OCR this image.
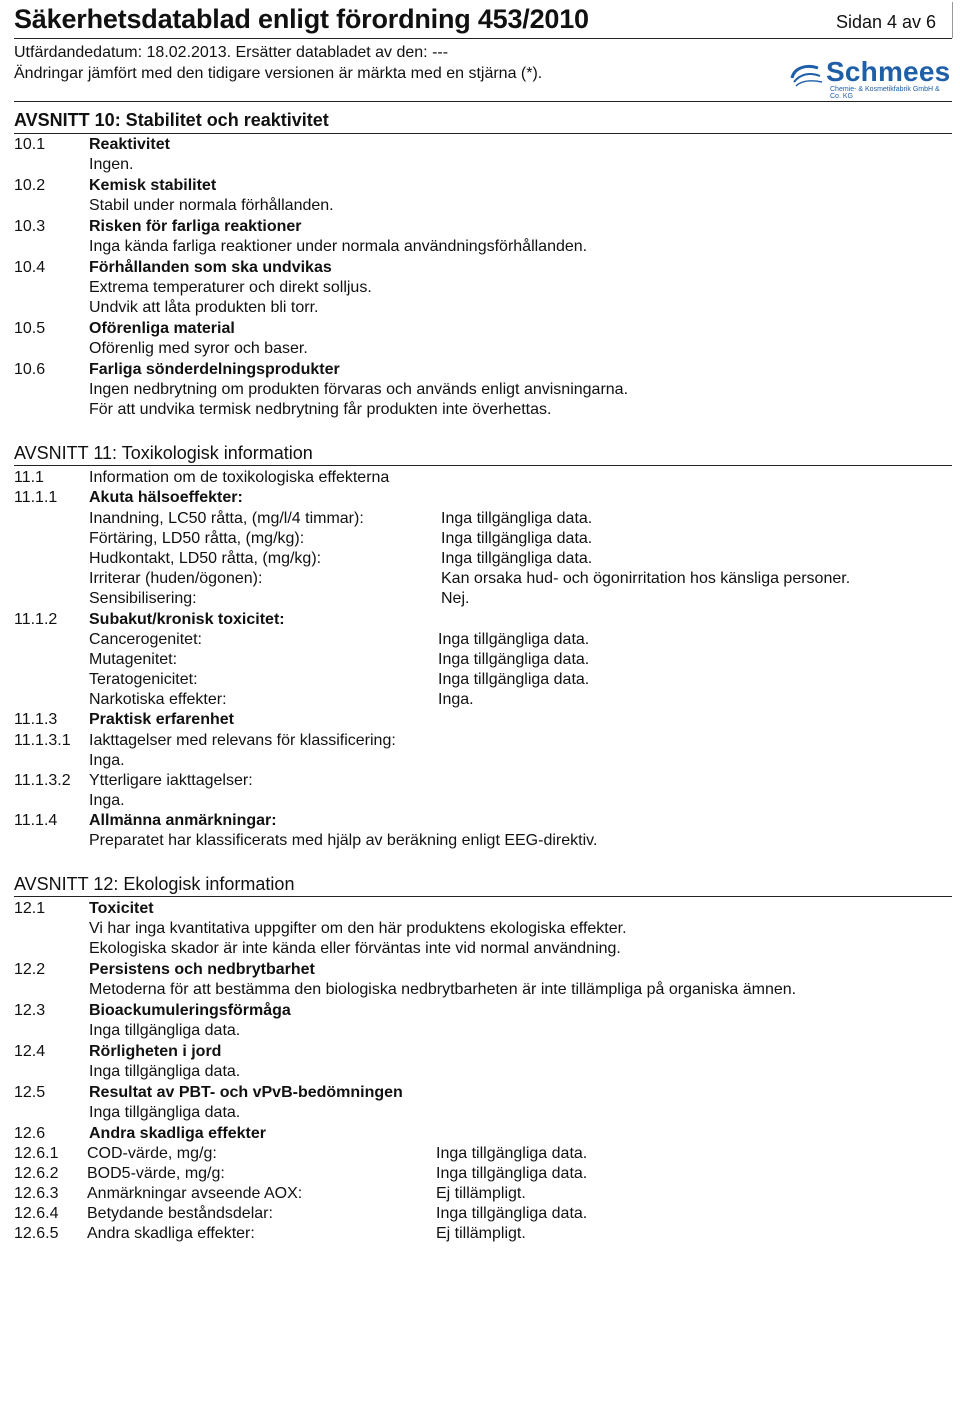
Säkerhetsdatablad enligt förordning 453/2010	Sidan 4 av 6
Utfärdandedatum: 18.02.2013. Ersätter databladet av den: ---
Ändringar jämfört med den tidigare versionen är märkta med en stjärna (*).	Schmees
Chemie- & Kosmetikfabrik GmbH & Co. KG
AVSNITT 10: Stabilitet och reaktivitet
10.1	Reaktivitet
Ingen.
10.2	Kemisk stabilitet
Stabil under normala förhållanden.
10.3	Risken för farliga reaktioner
Inga kända farliga reaktioner under normala användningsförhållanden.
10.4	Förhållanden som ska undvikas
Extrema temperaturer och direkt solljus.
Undvik att låta produkten bli torr.
10.5	Oförenliga material
Oförenlig med syror och baser.
10.6	Farliga sönderdelningsprodukter
Ingen nedbrytning om produkten förvaras och används enligt anvisningarna.
För att undvika termisk nedbrytning får produkten inte överhettas.
AVSNITT 11: Toxikologisk information
11.1	Information om de toxikologiska effekterna
11.1.1 Akuta hälsoeffekter:
Inandning, LC50 råtta, (mg/l/4 timmar):	Inga tillgängliga data.
Förtäring, LD50 råtta, (mg/kg):	Inga tillgängliga data.
Hudkontakt, LD50 råtta, (mg/kg):	Inga tillgängliga data.
Irriterar (huden/ögonen):	Kan orsaka hud- och ögonirritation hos känsliga personer.
Sensibilisering:	Nej.
11.1.2 Subakut/kronisk toxicitet:
Cancerogenitet:	Inga tillgängliga data.
Mutagenitet:	Inga tillgängliga data.
Teratogenicitet:	Inga tillgängliga data.
Narkotiska effekter:	Inga.
11.1.3 Praktisk erfarenhet
11.1.3.1 Iakttagelser med relevans för klassificering:
Inga.
11.1.3.2 Ytterligare iakttagelser:
Inga.
11.1.4 Allmänna anmärkningar:
Preparatet har klassificerats med hjälp av beräkning enligt EEG-direktiv.
AVSNITT 12: Ekologisk information
12.1	Toxicitet
Vi har inga kvantitativa uppgifter om den här produktens ekologiska effekter.
Ekologiska skador är inte kända eller förväntas inte vid normal användning.
12.2	Persistens och nedbrytbarhet
Metoderna för att bestämma den biologiska nedbrytbarheten är inte tillämpliga på organiska ämnen.
12.3	Bioackumuleringsförmåga
Inga tillgängliga data.
12.4	Rörligheten i jord
Inga tillgängliga data.
12.5	Resultat av PBT- och vPvB-bedömningen
Inga tillgängliga data.
12.6	Andra skadliga effekter
12.6.1 COD-värde, mg/g:	Inga tillgängliga data.
12.6.2 BOD5-värde, mg/g:	Inga tillgängliga data.
12.6.3 Anmärkningar avseende AOX:	Ej tillämpligt.
12.6.4 Betydande beståndsdelar:	Inga tillgängliga data.
12.6.5 Andra skadliga effekter:	Ej tillämpligt.
